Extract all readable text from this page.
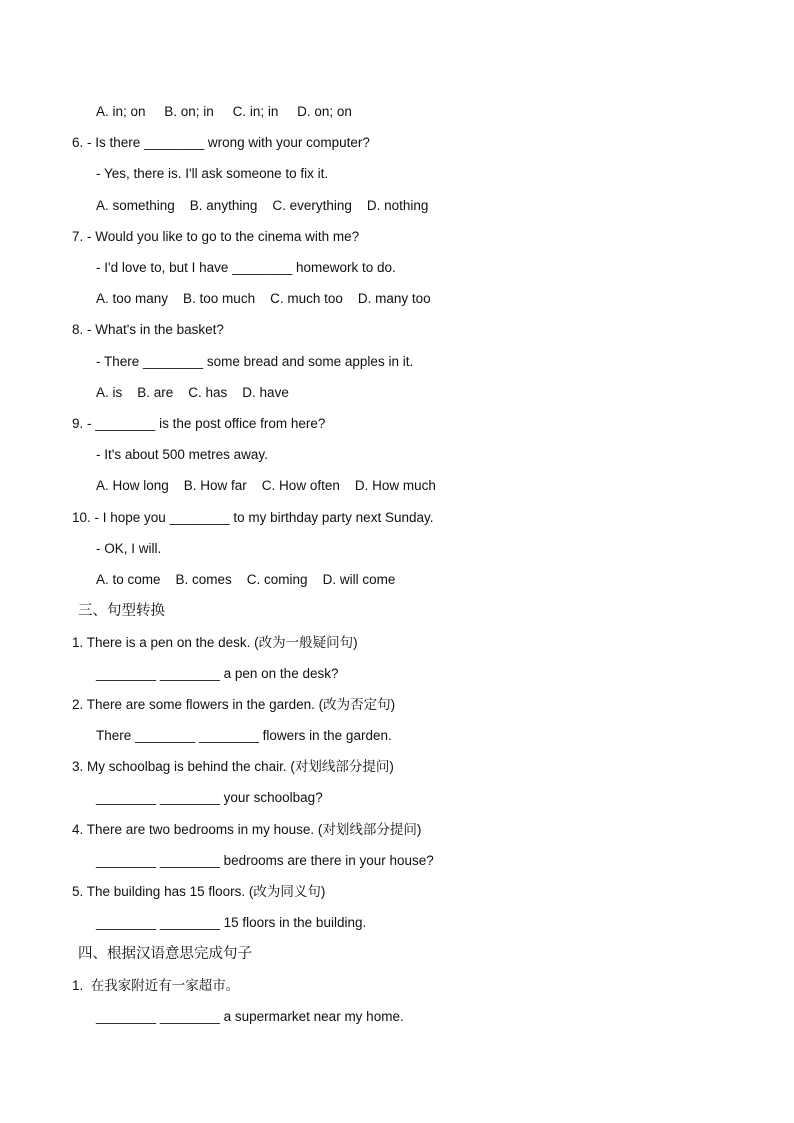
A. in; on     B. on; in     C. in; in     D. on; on
6. - Is there ________ wrong with your computer?
- Yes, there is. I'll ask someone to fix it.
A. something    B. anything    C. everything    D. nothing
7. - Would you like to go to the cinema with me?
- I'd love to, but I have ________ homework to do.
A. too many    B. too much    C. much too    D. many too
8. - What's in the basket?
- There ________ some bread and some apples in it.
A. is    B. are    C. has    D. have
9. - ________ is the post office from here?
- It's about 500 metres away.
A. How long    B. How far    C. How often    D. How much
10. - I hope you ________ to my birthday party next Sunday.
- OK, I will.
A. to come    B. comes    C. coming    D. will come
三、句型转换
1. There is a pen on the desk. (改为一般疑问句)
________ ________ a pen on the desk?
2. There are some flowers in the garden. (改为否定句)
There ________ ________ flowers in the garden.
3. My schoolbag is behind the chair. (对划线部分提问)
________ ________ your schoolbag?
4. There are two bedrooms in my house. (对划线部分提问)
________ ________ bedrooms are there in your house?
5. The building has 15 floors. (改为同义句)
________ ________ 15 floors in the building.
四、根据汉语意思完成句子
1.  在我家附近有一家超市。
________ ________ a supermarket near my home.
